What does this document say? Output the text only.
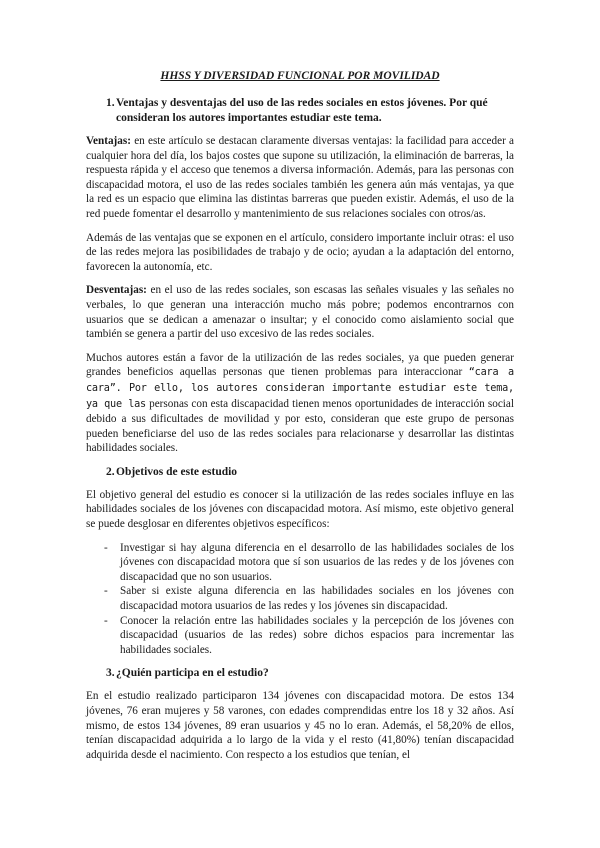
HHSS Y DIVERSIDAD FUNCIONAL POR MOVILIDAD
1. Ventajas y desventajas del uso de las redes sociales en estos jóvenes. Por qué consideran los autores importantes estudiar este tema.

Ventajas: en este artículo se destacan claramente diversas ventajas: la facilidad para acceder a cualquier hora del día, los bajos costes que supone su utilización, la eliminación de barreras, la respuesta rápida y el acceso que tenemos a diversa información. Además, para las personas con discapacidad motora, el uso de las redes sociales también les genera aún más ventajas, ya que la red es un espacio que elimina las distintas barreras que pueden existir. Además, el uso de la red puede fomentar el desarrollo y mantenimiento de sus relaciones sociales con otros/as.

Además de las ventajas que se exponen en el artículo, considero importante incluir otras: el uso de las redes mejora las posibilidades de trabajo y de ocio; ayudan a la adaptación del entorno, favorecen la autonomía, etc.

Desventajas: en el uso de las redes sociales, son escasas las señales visuales y las señales no verbales, lo que generan una interacción mucho más pobre; podemos encontrarnos con usuarios que se dedican a amenazar o insultar; y el conocido como aislamiento social que también se genera a partir del uso excesivo de las redes sociales.

Muchos autores están a favor de la utilización de las redes sociales, ya que pueden generar grandes beneficios aquellas personas que tienen problemas para interaccionar “cara a cara”. Por ello, los autores consideran importante estudiar este tema, ya que las personas con esta discapacidad tienen menos oportunidades de interacción social debido a sus dificultades de movilidad y por esto, consideran que este grupo de personas pueden beneficiarse del uso de las redes sociales para relacionarse y desarrollar las distintas habilidades sociales.

2. Objetivos de este estudio

El objetivo general del estudio es conocer si la utilización de las redes sociales influye en las habilidades sociales de los jóvenes con discapacidad motora. Así mismo, este objetivo general se puede desglosar en diferentes objetivos específicos:

- Investigar si hay alguna diferencia en el desarrollo de las habilidades sociales de los jóvenes con discapacidad motora que sí son usuarios de las redes y de los jóvenes con discapacidad que no son usuarios.
- Saber si existe alguna diferencia en las habilidades sociales en los jóvenes con discapacidad motora usuarios de las redes y los jóvenes sin discapacidad.
- Conocer la relación entre las habilidades sociales y la percepción de los jóvenes con discapacidad (usuarios de las redes) sobre dichos espacios para incrementar las habilidades sociales.
3. ¿Quién participa en el estudio?

En el estudio realizado participaron 134 jóvenes con discapacidad motora. De estos 134 jóvenes, 76 eran mujeres y 58 varones, con edades comprendidas entre los 18 y 32 años. Así mismo, de estos 134 jóvenes, 89 eran usuarios y 45 no lo eran. Además, el 58,20% de ellos, tenían discapacidad adquirida a lo largo de la vida y el resto (41,80%) tenían discapacidad adquirida desde el nacimiento. Con respecto a los estudios que tenían, el
